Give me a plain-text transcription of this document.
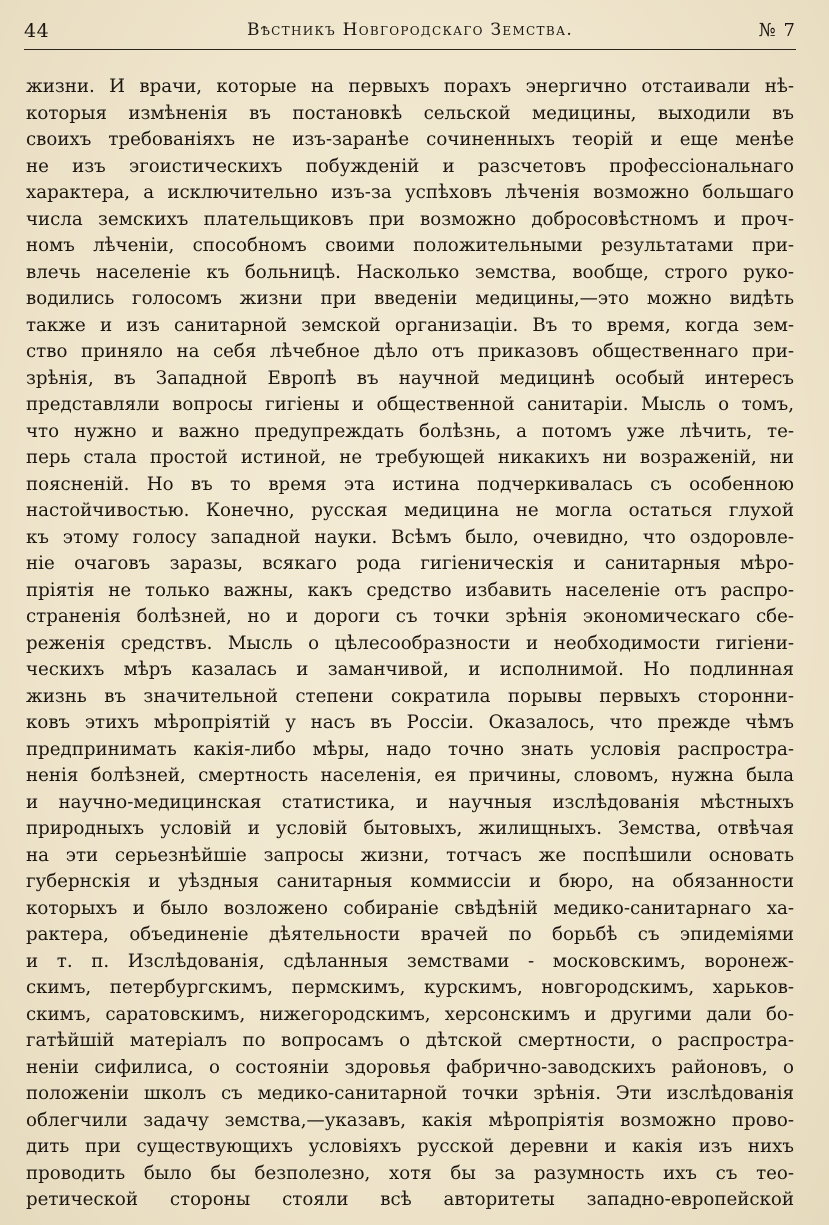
44	Вѣстникъ Новгородскаго Земства.	№ 7
жизни. И врачи, которые на первыхъ порахъ энергично отстаивали нѣ-
которыя измѣненія въ постановкѣ сельской медицины, выходили въ
своихъ требованіяхъ не изъ-заранѣе сочиненныхъ теорій и еще менѣе
не изъ эгоистическихъ побужденій и разсчетовъ профессіональнаго
характера, а исключительно изъ-за успѣховъ лѣченія возможно большаго
числа земскихъ плательщиковъ при возможно добросовѣстномъ и проч-
номъ лѣченіи, способномъ своими положительными результатами при-
влечь населеніе къ больницѣ. Насколько земства, вообще, строго руко-
водились голосомъ жизни при введеніи медицины,—это можно видѣть
также и изъ санитарной земской организаціи. Въ то время, когда зем-
ство приняло на себя лѣчебное дѣло отъ приказовъ общественнаго при-
зрѣнія, въ Западной Европѣ въ научной медицинѣ особый интересъ
представляли вопросы гигіены и общественной санитаріи. Мысль о томъ,
что нужно и важно предупреждать болѣзнь, а потомъ уже лѣчить, те-
перь стала простой истиной, не требующей никакихъ ни возраженій, ни
поясненій. Но въ то время эта истина подчеркивалась съ особенною
настойчивостью. Конечно, русская медицина не могла остаться глухой
къ этому голосу западной науки. Всѣмъ было, очевидно, что оздоровле-
ніе очаговъ заразы, всякаго рода гигіеническія и санитарныя мѣро-
пріятія не только важны, какъ средство избавить населеніе отъ распро-
страненія болѣзней, но и дороги съ точки зрѣнія экономическаго сбе-
реженія средствъ. Мысль о цѣлесообразности и необходимости гигіени-
ческихъ мѣръ казалась и заманчивой, и исполнимой. Но подлинная
жизнь въ значительной степени сократила порывы первыхъ сторонни-
ковъ этихъ мѣропріятій у насъ въ Россіи. Оказалось, что прежде чѣмъ
предпринимать какія-либо мѣры, надо точно знать условія распростра-
ненія болѣзней, смертность населенія, ея причины, словомъ, нужна была
и научно-медицинская статистика, и научныя изслѣдованія мѣстныхъ
природныхъ условій и условій бытовыхъ, жилищныхъ. Земства, отвѣчая
на эти серьезнѣйшіе запросы жизни, тотчасъ же поспѣшили основать
губернскія и уѣздныя санитарныя коммиссіи и бюро, на обязанности
которыхъ и было возложено собираніе свѣдѣній медико-санитарнаго ха-
рактера, объединеніе дѣятельности врачей по борьбѣ съ эпидеміями
и т. п. Изслѣдованія, сдѣланныя земствами - московскимъ, воронеж-
скимъ, петербургскимъ, пермскимъ, курскимъ, новгородскимъ, харьков-
скимъ, саратовскимъ, нижегородскимъ, херсонскимъ и другими дали бо-
гатѣйшій матеріалъ по вопросамъ о дѣтской смертности, о распростра-
неніи сифилиса, о состояніи здоровья фабрично-заводскихъ районовъ, о
положеніи школъ съ медико-санитарной точки зрѣнія. Эти изслѣдованія
облегчили задачу земства,—указавъ, какія мѣропріятія возможно прово-
дить при существующихъ условіяхъ русской деревни и какія изъ нихъ
проводить было бы безполезно, хотя бы за разумность ихъ съ тео-
ретической стороны стояли всѣ авторитеты западно-европейской
